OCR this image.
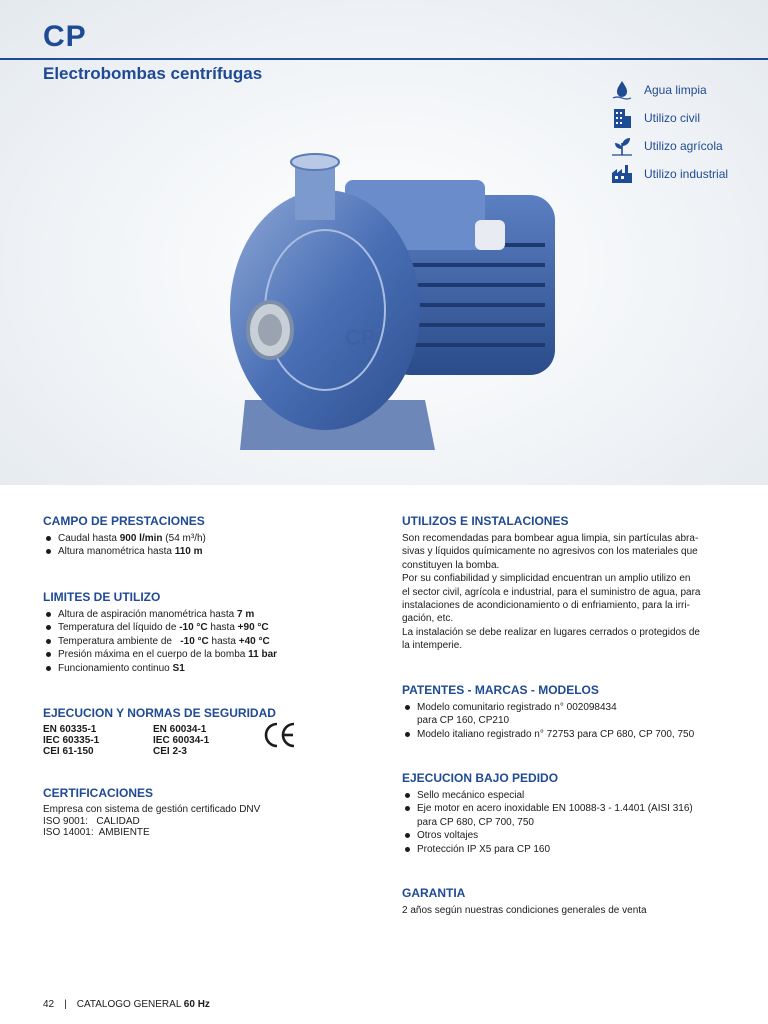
CP
Electrobombas centrífugas
Agua limpia
Utilizo civil
Utilizo agrícola
Utilizo industrial
CP
CAMPO DE PRESTACIONES
Caudal hasta 900 l/min (54 m³/h)
Altura manométrica hasta 110 m
LIMITES DE UTILIZO
Altura de aspiración manométrica hasta 7 m
Temperatura del líquido de -10 °C hasta +90 °C
Temperatura ambiente de   -10 °C hasta +40 °C
Presión máxima en el cuerpo de la bomba 11 bar
Funcionamiento continuo S1
EJECUCION Y NORMAS DE SEGURIDAD
EN 60335-1	EN 60034-1
IEC 60335-1	IEC 60034-1
CEI 61-150	CEI 2-3
CERTIFICACIONES

Empresa con sistema de gestión certificado DNV

ISO 9001:   CALIDAD

ISO 14001:  AMBIENTE

UTILIZOS E INSTALACIONES

Son recomendadas para bombear agua limpia, sin partículas abra-

sivas y líquidos químicamente no agresivos con los materiales que

constituyen la bomba.

Por su confiabilidad y simplicidad encuentran un amplio utilizo en

el sector civil, agrícola e industrial, para el suministro de agua, para

instalaciones de acondicionamiento o di enfriamiento, para la irri-

gación, etc.

La instalación se debe realizar en lugares cerrados o protegidos de

la intemperie.

PATENTES - MARCAS - MODELOS
Modelo comunitario registrado n° 002098434
para CP 160, CP210
Modelo italiano registrado n° 72753 para CP 680, CP 700, 750
EJECUCION BAJO PEDIDO
Sello mecánico especial
Eje motor en acero inoxidable EN 10088-3 - 1.4401 (AISI 316)
para CP 680, CP 700, 750
Otros voltajes
Protección IP X5 para CP 160
GARANTIA

2 años según nuestras condiciones generales de venta

42 | CATALOGO GENERAL 60 Hz
